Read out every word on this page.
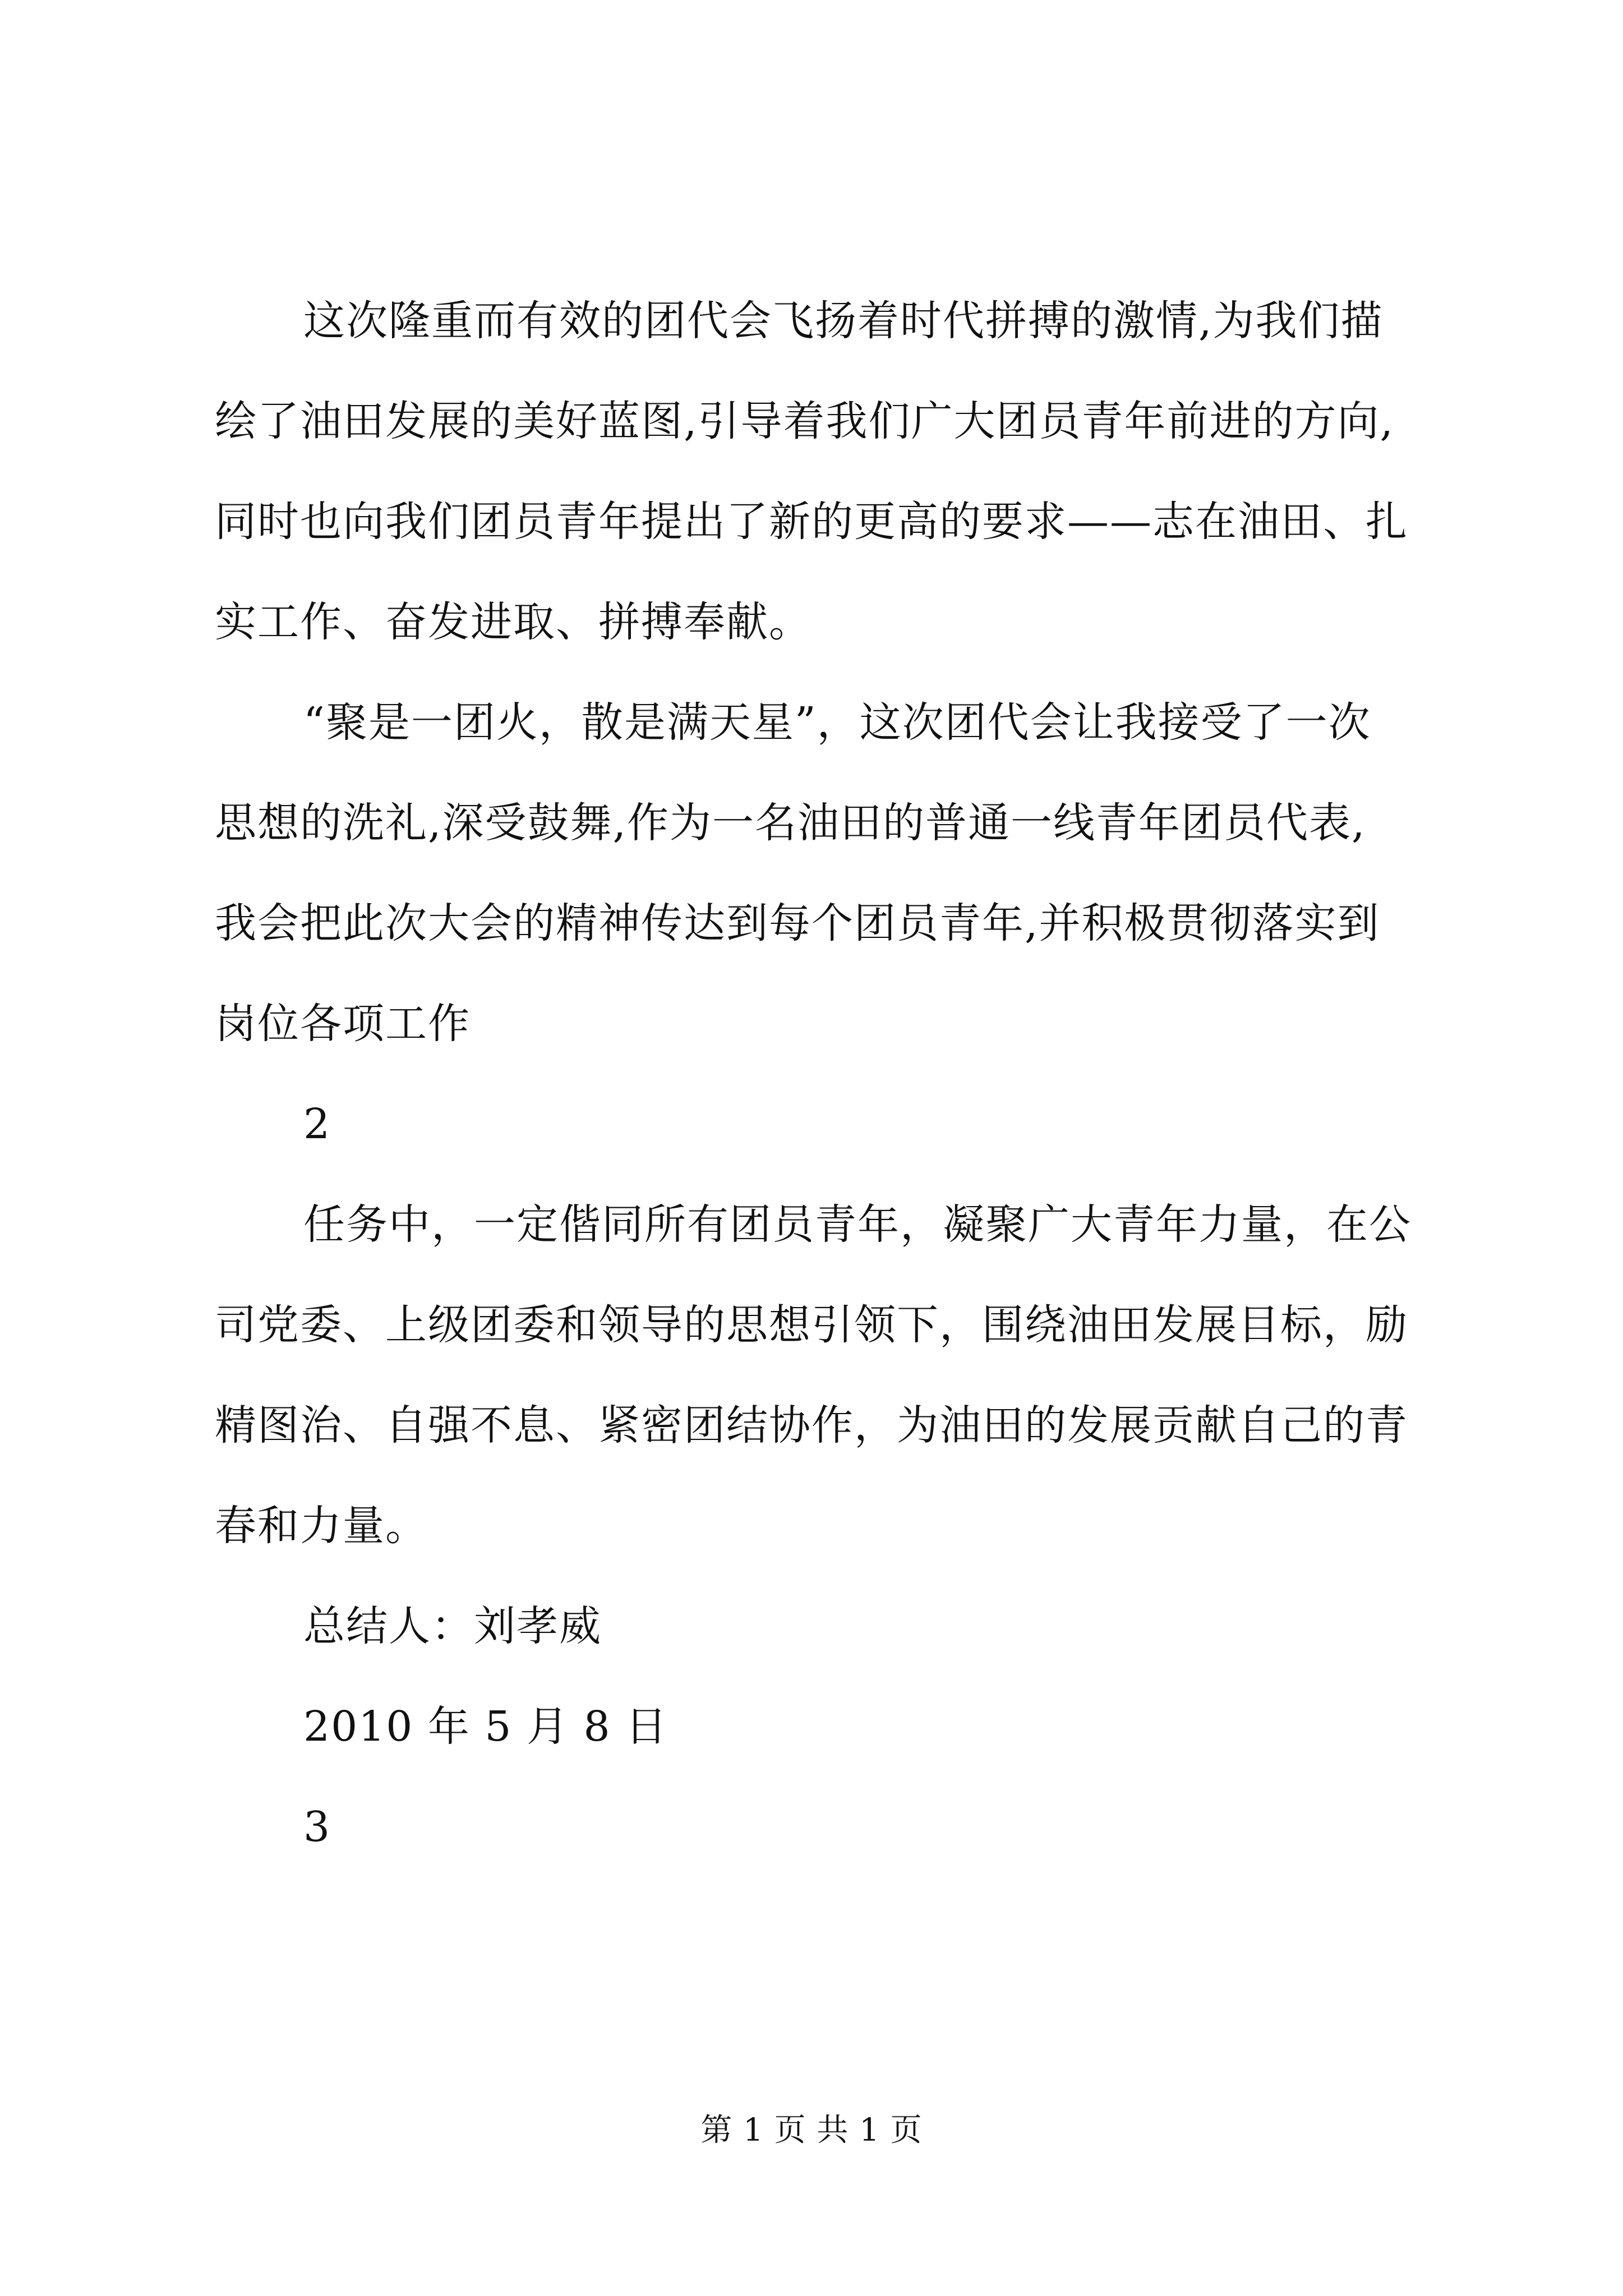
这次隆重而有效的团代会飞扬着时代拼搏的激情,为我们描
绘了油田发展的美好蓝图,引导着我们广大团员青年前进的方向,
同时也向我们团员青年提出了新的更高的要求——志在油田、扎
实工作、奋发进取、拼搏奉献。
“聚是一团火，散是满天星”，这次团代会让我接受了一次
思想的洗礼,深受鼓舞,作为一名油田的普通一线青年团员代表,
我会把此次大会的精神传达到每个团员青年,并积极贯彻落实到
岗位各项工作
2
任务中，一定偕同所有团员青年，凝聚广大青年力量，在公
司党委、上级团委和领导的思想引领下，围绕油田发展目标，励
精图治、自强不息、紧密团结协作，为油田的发展贡献自己的青
春和力量。
总结人：刘孝威
2010 年 5 月 8 日
3
第 1 页 共 1 页
